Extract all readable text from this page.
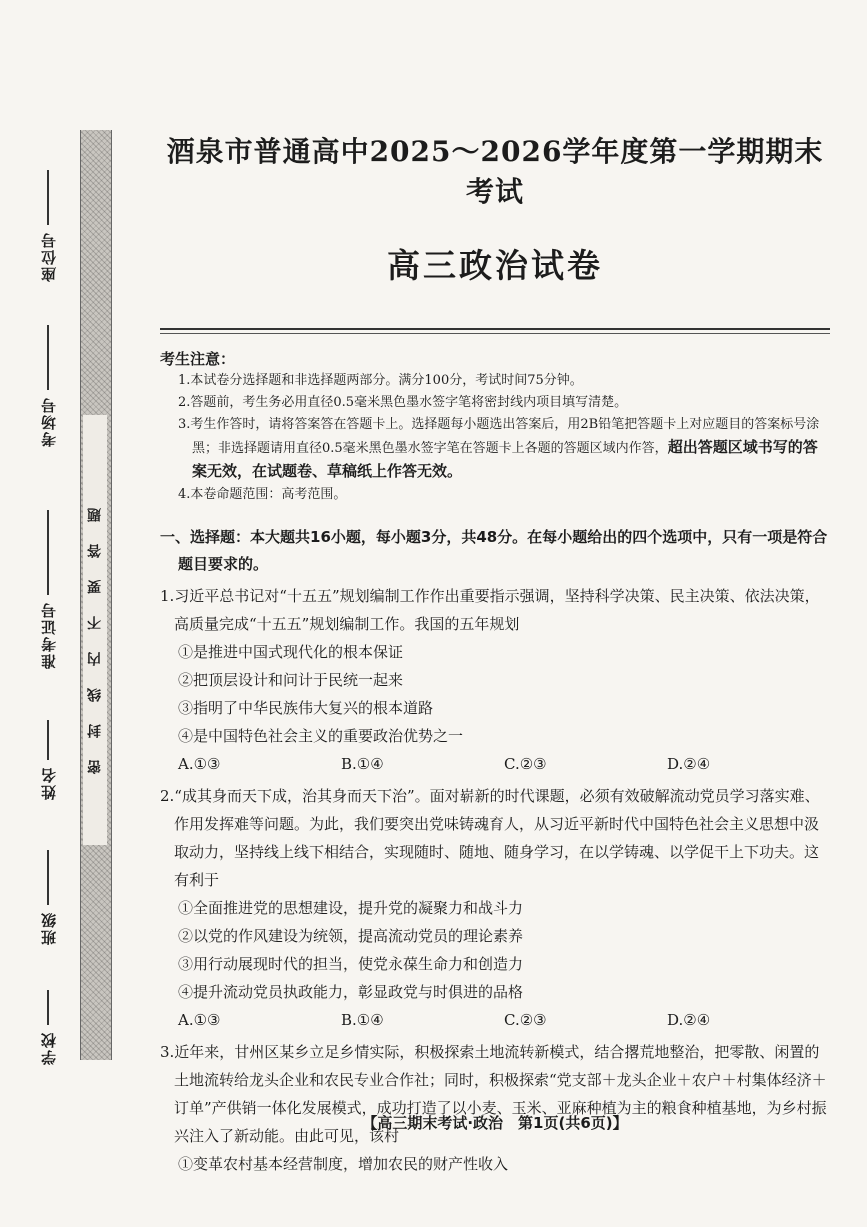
座位号
考场号
准考证号
姓名
班级
学校
密封线内不要答题
酒泉市普通高中2025～2026学年度第一学期期末考试
高三政治试卷
考生注意：
1.本试卷分选择题和非选择题两部分。满分100分，考试时间75分钟。
2.答题前，考生务必用直径0.5毫米黑色墨水签字笔将密封线内项目填写清楚。
3.考生作答时，请将答案答在答题卡上。选择题每小题选出答案后，用2B铅笔把答题卡上对应题目的答案标号涂黑；非选择题请用直径0.5毫米黑色墨水签字笔在答题卡上各题的答题区域内作答，超出答题区域书写的答案无效，在试题卷、草稿纸上作答无效。
4.本卷命题范围：高考范围。
一、选择题：本大题共16小题，每小题3分，共48分。在每小题给出的四个选项中，只有一项是符合题目要求的。
1.习近平总书记对“十五五”规划编制工作作出重要指示强调，坚持科学决策、民主决策、依法决策，高质量完成“十五五”规划编制工作。我国的五年规划
①是推进中国式现代化的根本保证
②把顶层设计和问计于民统一起来
③指明了中华民族伟大复兴的根本道路
④是中国特色社会主义的重要政治优势之一
A.①③	B.①④	C.②③	D.②④
2.“成其身而天下成，治其身而天下治”。面对崭新的时代课题，必须有效破解流动党员学习落实难、作用发挥难等问题。为此，我们要突出党味铸魂育人，从习近平新时代中国特色社会主义思想中汲取动力，坚持线上线下相结合，实现随时、随地、随身学习，在以学铸魂、以学促干上下功夫。这有利于
①全面推进党的思想建设，提升党的凝聚力和战斗力
②以党的作风建设为统领，提高流动党员的理论素养
③用行动展现时代的担当，使党永葆生命力和创造力
④提升流动党员执政能力，彰显政党与时俱进的品格
A.①③	B.①④	C.②③	D.②④
3.近年来，甘州区某乡立足乡情实际，积极探索土地流转新模式，结合撂荒地整治，把零散、闲置的土地流转给龙头企业和农民专业合作社；同时，积极探索“党支部＋龙头企业＋农户＋村集体经济＋订单”产供销一体化发展模式，成功打造了以小麦、玉米、亚麻种植为主的粮食种植基地，为乡村振兴注入了新动能。由此可见，该村
①变革农村基本经营制度，增加农民的财产性收入
【高三期末考试·政治　第1页(共6页)】
